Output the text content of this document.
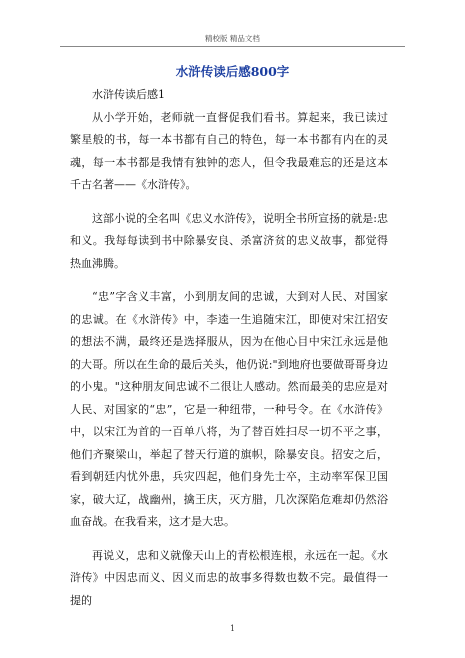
精校版 精品文档
水浒传读后感800字

水浒传读后感1

从小学开始，老师就一直督促我们看书。算起来，我已读过繁星般的书，每一本书都有自己的特色，每一本书都有内在的灵魂，每一本书都是我情有独钟的恋人，但令我最难忘的还是这本千古名著——《水浒传》。

这部小说的全名叫《忠义水浒传》，说明全书所宣扬的就是:忠和义。我每每读到书中除暴安良、杀富济贫的忠义故事，都觉得热血沸腾。

“忠”字含义丰富，小到朋友间的忠诚，大到对人民、对国家的忠诚。在《水浒传》中，李逵一生追随宋江，即使对宋江招安的想法不满，最终还是选择服从，因为在他心目中宋江永远是他的大哥。所以在生命的最后关头，他仍说:"到地府也要做哥哥身边的小鬼。"这种朋友间忠诚不二很让人感动。然而最美的忠应是对人民、对国家的“忠”，它是一种纽带，一种号令。在《水浒传》中，以宋江为首的一百单八将，为了替百姓扫尽一切不平之事，他们齐聚梁山，举起了替天行道的旗帜，除暴安良。招安之后，看到朝廷内忧外患，兵灾四起，他们身先士卒，主动率军保卫国家，破大辽，战幽州，擒王庆，灭方腊，几次深陷危难却仍然浴血奋战。在我看来，这才是大忠。

再说义，忠和义就像天山上的青松根连根，永远在一起。《水浒传》中因忠而义、因义而忠的故事多得数也数不完。最值得一提的

1
